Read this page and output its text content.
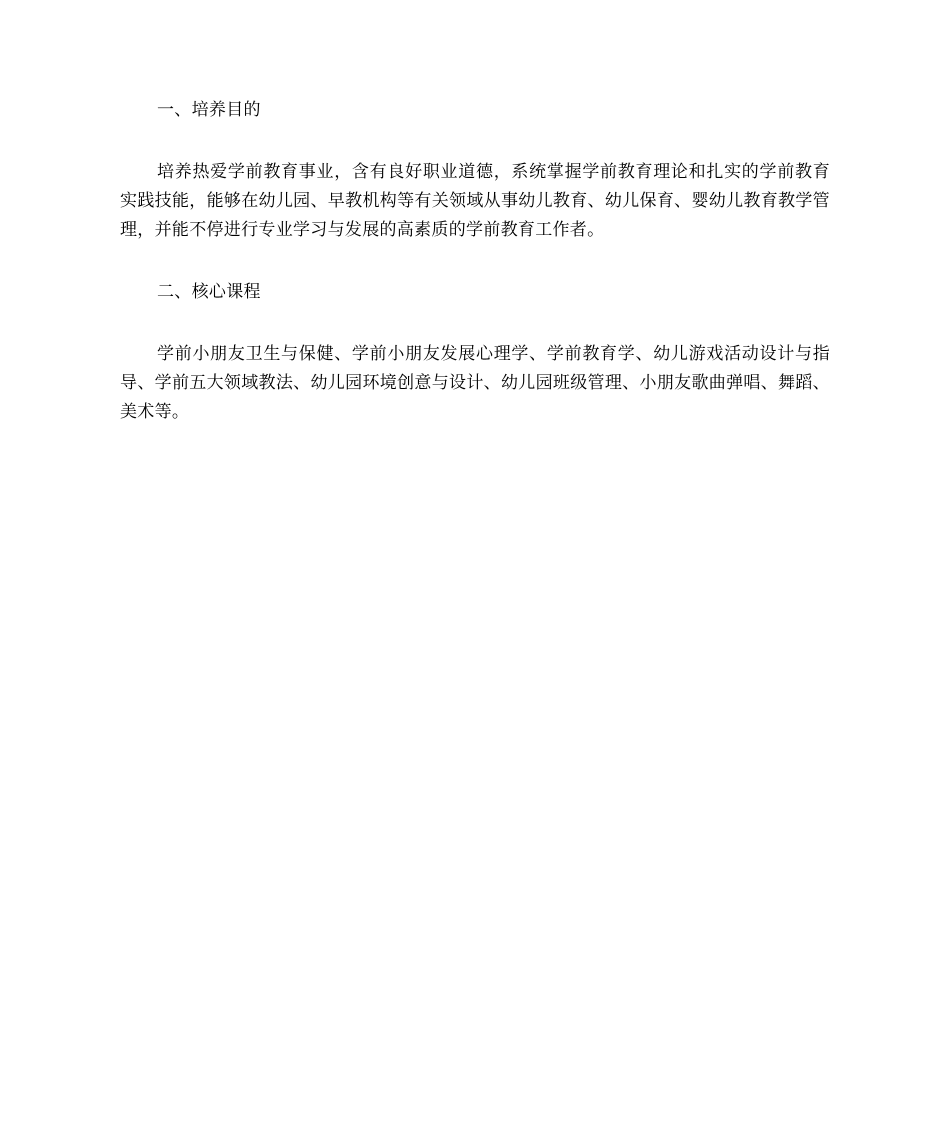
一、培养目的

培养热爱学前教育事业，含有良好职业道德，系统掌握学前教育理论和扎实的学前教育实践技能，能够在幼儿园、早教机构等有关领域从事幼儿教育、幼儿保育、婴幼儿教育教学管理，并能不停进行专业学习与发展的高素质的学前教育工作者。

二、核心课程

学前小朋友卫生与保健、学前小朋友发展心理学、学前教育学、幼儿游戏活动设计与指导、学前五大领域教法、幼儿园环境创意与设计、幼儿园班级管理、小朋友歌曲弹唱、舞蹈、美术等。
